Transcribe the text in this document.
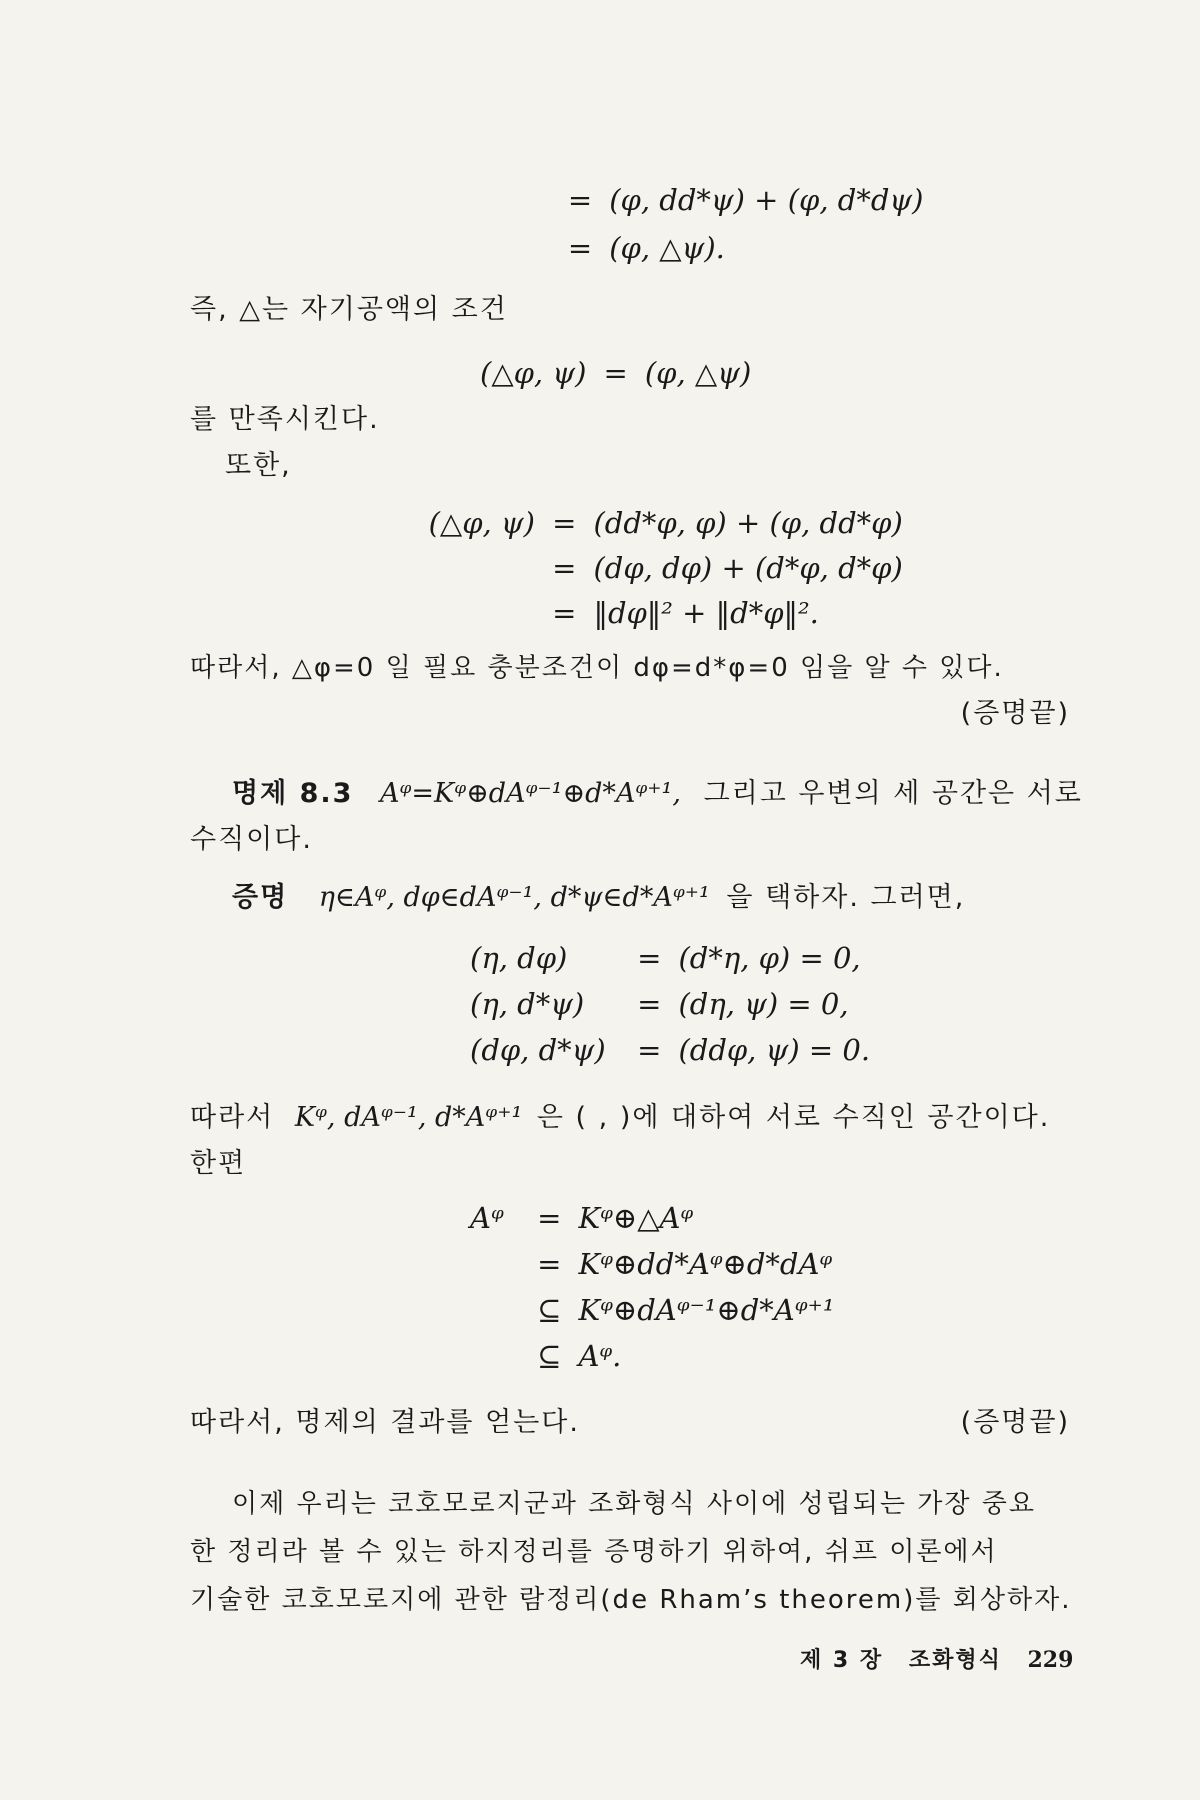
= (φ, dd*ψ) + (φ, d*dψ)
= (φ, △ψ).
즉, △는 자기공액의 조건
(△φ, ψ) = (φ, △ψ)
를 만족시킨다.
또한,
(△φ, ψ) = (dd*φ, φ) + (φ, dd*φ)
= (dφ, dφ) + (d*φ, d*φ)
= ‖dφ‖² + ‖d*φ‖².
따라서, △φ=0 일 필요 충분조건이 dφ=d*φ=0 임을 알 수 있다.
(증명끝)
명제 8.3 Aᵠ=Kᵠ⊕dAᵠ⁻¹⊕d*Aᵠ⁺¹, 그리고 우변의 세 공간은 서로
수직이다.
증명 η∈Aᵠ, dφ∈dAᵠ⁻¹, d*ψ∈d*Aᵠ⁺¹ 을 택하자. 그러면,
(η, dφ) = (d*η, φ) = 0,
(η, d*ψ) = (dη, ψ) = 0,
(dφ, d*ψ) = (ddφ, ψ) = 0.
따라서 Kᵠ, dAᵠ⁻¹, d*Aᵠ⁺¹ 은 ( , )에 대하여 서로 수직인 공간이다.
한편
Aᵠ = Kᵠ⊕△Aᵠ
= Kᵠ⊕dd*Aᵠ⊕d*dAᵠ
⊆ Kᵠ⊕dAᵠ⁻¹⊕d*Aᵠ⁺¹
⊆ Aᵠ.
따라서, 명제의 결과를 얻는다.	(증명끝)
이제 우리는 코호모로지군과 조화형식 사이에 성립되는 가장 중요
한 정리라 볼 수 있는 하지정리를 증명하기 위하여, 쉬프 이론에서
기술한 코호모로지에 관한 람정리(de Rham’s theorem)를 회상하자.
제 3 장 조화형식 229
